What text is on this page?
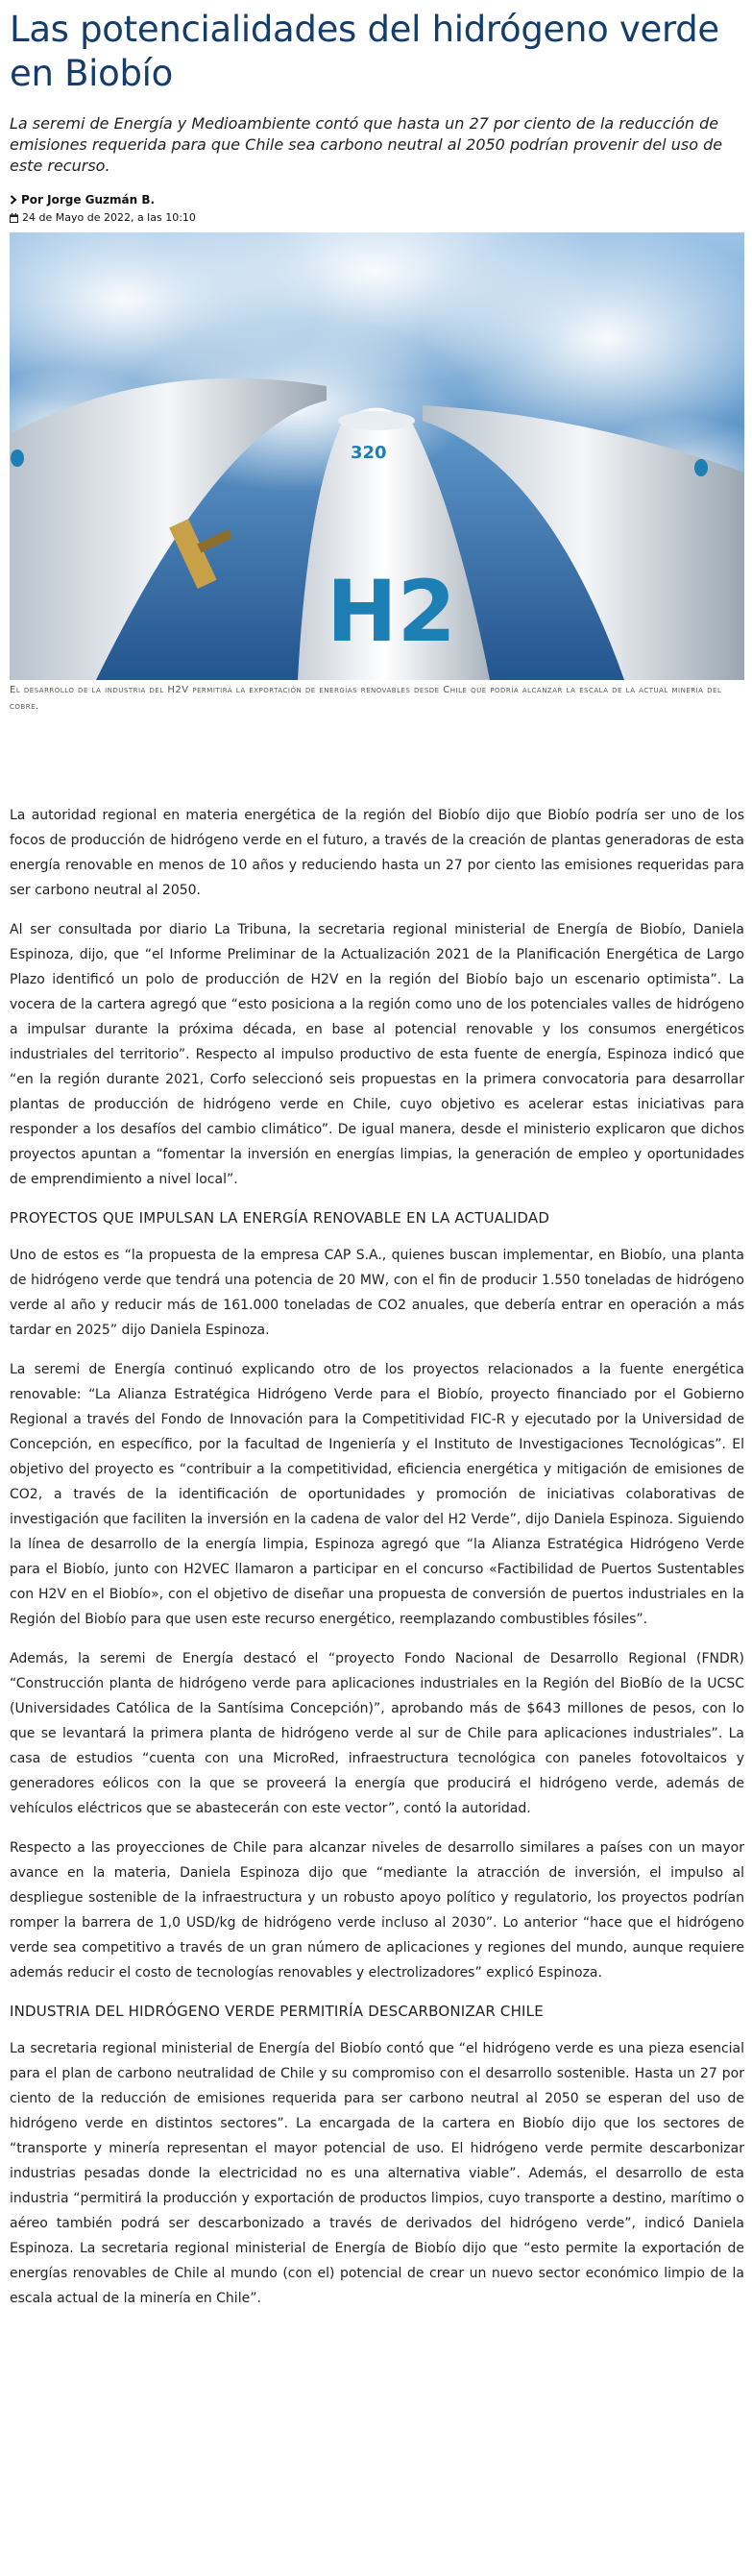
Las potencialidades del hidrógeno verde en Biobío

La seremi de Energía y Medioambiente contó que hasta un 27 por ciento de la reducción de emisiones requerida para que Chile sea carbono neutral al 2050 podrían provenir del uso de este recurso.

Por Jorge Guzmán B.
24 de Mayo de 2022, a las 10:10
320
H2

El desarrollo de la industria del H2V permitirá la exportación de energías renovables desde Chile que podría alcanzar la escala de la actual minería del cobre.

La autoridad regional en materia energética de la región del Biobío dijo que Biobío podría ser uno de los focos de producción de hidrógeno verde en el futuro, a través de la creación de plantas generadoras de esta energía renovable en menos de 10 años y reduciendo hasta un 27 por ciento las emisiones requeridas para ser carbono neutral al 2050.

Al ser consultada por diario La Tribuna, la secretaria regional ministerial de Energía de Biobío, Daniela Espinoza, dijo, que “el Informe Preliminar de la Actualización 2021 de la Planificación Energética de Largo Plazo identificó un polo de producción de H2V en la región del Biobío bajo un escenario optimista”. La vocera de la cartera agregó que “esto posiciona a la región como uno de los potenciales valles de hidrógeno a impulsar durante la próxima década, en base al potencial renovable y los consumos energéticos industriales del territorio”. Respecto al impulso productivo de esta fuente de energía, Espinoza indicó que “en la región durante 2021, Corfo seleccionó seis propuestas en la primera convocatoria para desarrollar plantas de producción de hidrógeno verde en Chile, cuyo objetivo es acelerar estas iniciativas para responder a los desafíos del cambio climático”. De igual manera, desde el ministerio explicaron que dichos proyectos apuntan a “fomentar la inversión en energías limpias, la generación de empleo y oportunidades de emprendimiento a nivel local”.

PROYECTOS QUE IMPULSAN LA ENERGÍA RENOVABLE EN LA ACTUALIDAD

Uno de estos es “la propuesta de la empresa CAP S.A., quienes buscan implementar, en Biobío, una planta de hidrógeno verde que tendrá una potencia de 20 MW, con el fin de producir 1.550 toneladas de hidrógeno verde al año y reducir más de 161.000 toneladas de CO2 anuales, que debería entrar en operación a más tardar en 2025” dijo Daniela Espinoza.

La seremi de Energía continuó explicando otro de los proyectos relacionados a la fuente energética renovable: “La Alianza Estratégica Hidrógeno Verde para el Biobío, proyecto financiado por el Gobierno Regional a través del Fondo de Innovación para la Competitividad FIC-R y ejecutado por la Universidad de Concepción, en específico, por la facultad de Ingeniería y el Instituto de Investigaciones Tecnológicas”. El objetivo del proyecto es “contribuir a la competitividad, eficiencia energética y mitigación de emisiones de CO2, a través de la identificación de oportunidades y promoción de iniciativas colaborativas de investigación que faciliten la inversión en la cadena de valor del H2 Verde”, dijo Daniela Espinoza. Siguiendo la línea de desarrollo de la energía limpia, Espinoza agregó que “la Alianza Estratégica Hidrógeno Verde para el Biobío, junto con H2VEC llamaron a participar en el concurso «Factibilidad de Puertos Sustentables con H2V en el Biobío», con el objetivo de diseñar una propuesta de conversión de puertos industriales en la Región del Biobío para que usen este recurso energético, reemplazando combustibles fósiles”.

Además, la seremi de Energía destacó el “proyecto Fondo Nacional de Desarrollo Regional (FNDR) “Construcción planta de hidrógeno verde para aplicaciones industriales en la Región del BioBío de la UCSC (Universidades Católica de la Santísima Concepción)”, aprobando más de $643 millones de pesos, con lo que se levantará la primera planta de hidrógeno verde al sur de Chile para aplicaciones industriales”. La casa de estudios “cuenta con una MicroRed, infraestructura tecnológica con paneles fotovoltaicos y generadores eólicos con la que se proveerá la energía que producirá el hidrógeno verde, además de vehículos eléctricos que se abastecerán con este vector”, contó la autoridad.

Respecto a las proyecciones de Chile para alcanzar niveles de desarrollo similares a países con un mayor avance en la materia, Daniela Espinoza dijo que “mediante la atracción de inversión, el impulso al despliegue sostenible de la infraestructura y un robusto apoyo político y regulatorio, los proyectos podrían romper la barrera de 1,0 USD/kg de hidrógeno verde incluso al 2030”. Lo anterior “hace que el hidrógeno verde sea competitivo a través de un gran número de aplicaciones y regiones del mundo, aunque requiere además reducir el costo de tecnologías renovables y electrolizadores” explicó Espinoza.

INDUSTRIA DEL HIDRÓGENO VERDE PERMITIRÍA DESCARBONIZAR CHILE

La secretaria regional ministerial de Energía del Biobío contó que “el hidrógeno verde es una pieza esencial para el plan de carbono neutralidad de Chile y su compromiso con el desarrollo sostenible. Hasta un 27 por ciento de la reducción de emisiones requerida para ser carbono neutral al 2050 se esperan del uso de hidrógeno verde en distintos sectores”. La encargada de la cartera en Biobío dijo que los sectores de “transporte y minería representan el mayor potencial de uso. El hidrógeno verde permite descarbonizar industrias pesadas donde la electricidad no es una alternativa viable”. Además, el desarrollo de esta industria “permitirá la producción y exportación de productos limpios, cuyo transporte a destino, marítimo o aéreo también podrá ser descarbonizado a través de derivados del hidrógeno verde”, indicó Daniela Espinoza. La secretaria regional ministerial de Energía de Biobío dijo que “esto permite la exportación de energías renovables de Chile al mundo (con el) potencial de crear un nuevo sector económico limpio de la escala actual de la minería en Chile”.
